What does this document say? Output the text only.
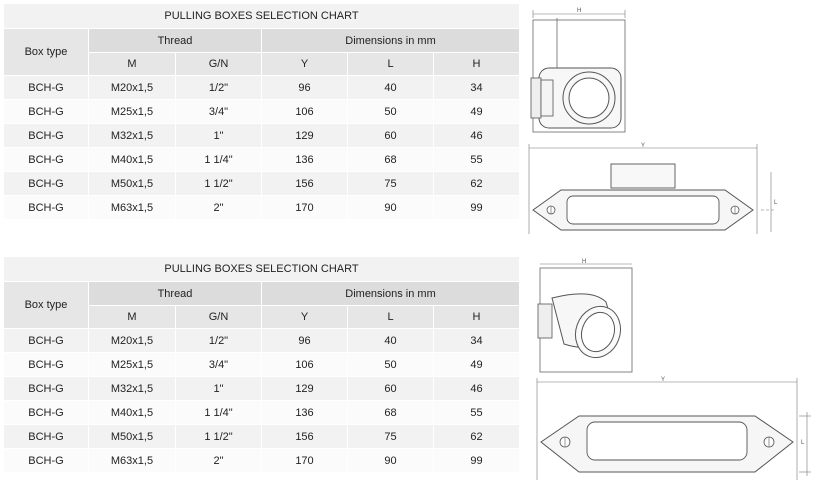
PULLING BOXES SELECTION CHART					
Box type	Thread		Dimensions in mm		
	M	G/N	Y	L	H
BCH-G	M20x1,5	1/2"	96	40	34
BCH-G	M25x1,5	3/4"	106	50	49
BCH-G	M32x1,5	1"	129	60	46
BCH-G	M40x1,5	1 1/4"	136	68	55
BCH-G	M50x1,5	1 1/2"	156	75	62
BCH-G	M63x1,5	2"	170	90	99
PULLING BOXES SELECTION CHART					
Box type	Thread		Dimensions in mm		
	M	G/N	Y	L	H
BCH-G	M20x1,5	1/2"	96	40	34
BCH-G	M25x1,5	3/4"	106	50	49
BCH-G	M32x1,5	1"	129	60	46
BCH-G	M40x1,5	1 1/4"	136	68	55
BCH-G	M50x1,5	1 1/2"	156	75	62
BCH-G	M63x1,5	2"	170	90	99
H
Y
L
H
Y
L
